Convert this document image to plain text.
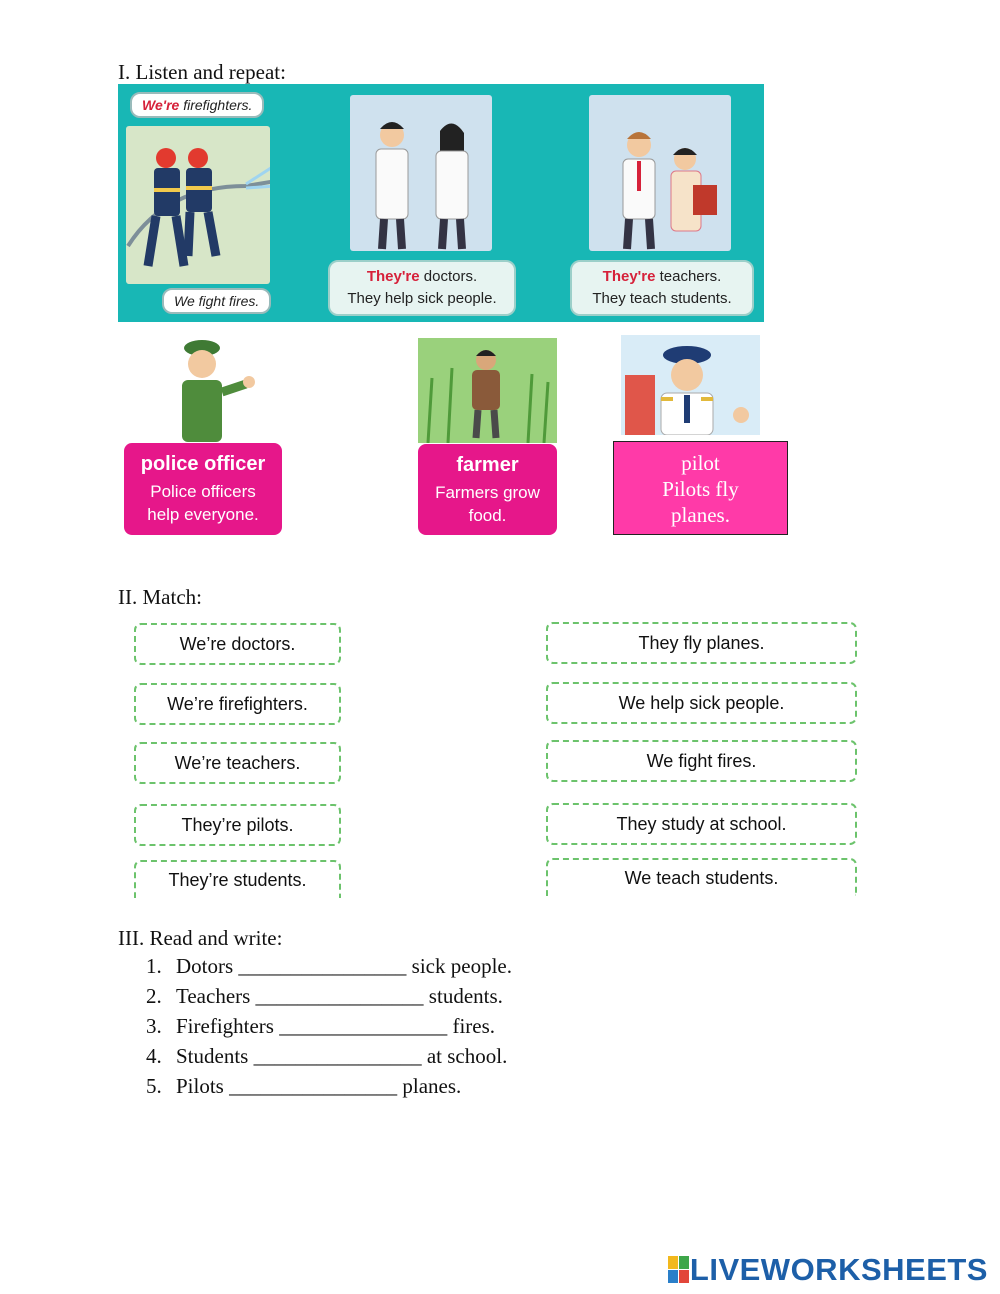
I. Listen and repeat:
We're firefighters.
We fight fires.
They're doctors.
They help sick people.
They're teachers.
They teach students.
police officer
Police officers
help everyone.
farmer
Farmers grow
food.
pilot
Pilots fly
planes.
II. Match:
We’re doctors.
We’re firefighters.
We’re teachers.
They’re pilots.
They’re students.
They fly planes.
We help sick people.
We fight fires.
They study at school.
We teach students.
III. Read and write:
1. Dotors ________________ sick people.
2. Teachers ________________ students.
3. Firefighters ________________ fires.
4. Students ________________ at school.
5. Pilots ________________ planes.
LIVEWORKSHEETS
